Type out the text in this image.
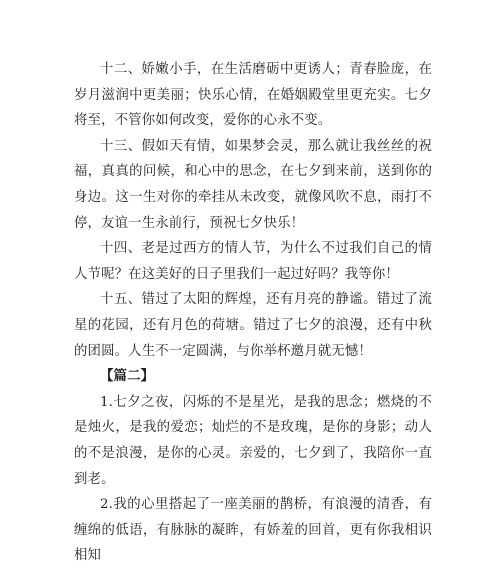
十二、娇嫩小手，在生活磨砺中更诱人；青春脸庞，在岁月滋润中更美丽；快乐心情，在婚姻殿堂里更充实。七夕将至，不管你如何改变，爱你的心永不变。

十三、假如天有情，如果梦会灵，那么就让我丝丝的祝福，真真的问候，和心中的思念，在七夕到来前，送到你的身边。这一生对你的牵挂从未改变，就像风吹不息，雨打不停，友谊一生永前行，预祝七夕快乐！

十四、老是过西方的情人节，为什么不过我们自己的情人节呢？在这美好的日子里我们一起过好吗？我等你！

十五、错过了太阳的辉煌，还有月亮的静谧。错过了流星的花园，还有月色的荷塘。错过了七夕的浪漫，还有中秋的团圆。人生不一定圆满，与你举杯邀月就无憾！

【篇二】

1.七夕之夜，闪烁的不是星光，是我的思念；燃烧的不是烛火，是我的爱恋；灿烂的不是玫瑰，是你的身影；动人的不是浪漫，是你的心灵。亲爱的，七夕到了，我陪你一直到老。

2.我的心里搭起了一座美丽的鹊桥，有浪漫的清香，有缠绵的低语，有脉脉的凝眸，有娇羞的回首，更有你我相识相知
